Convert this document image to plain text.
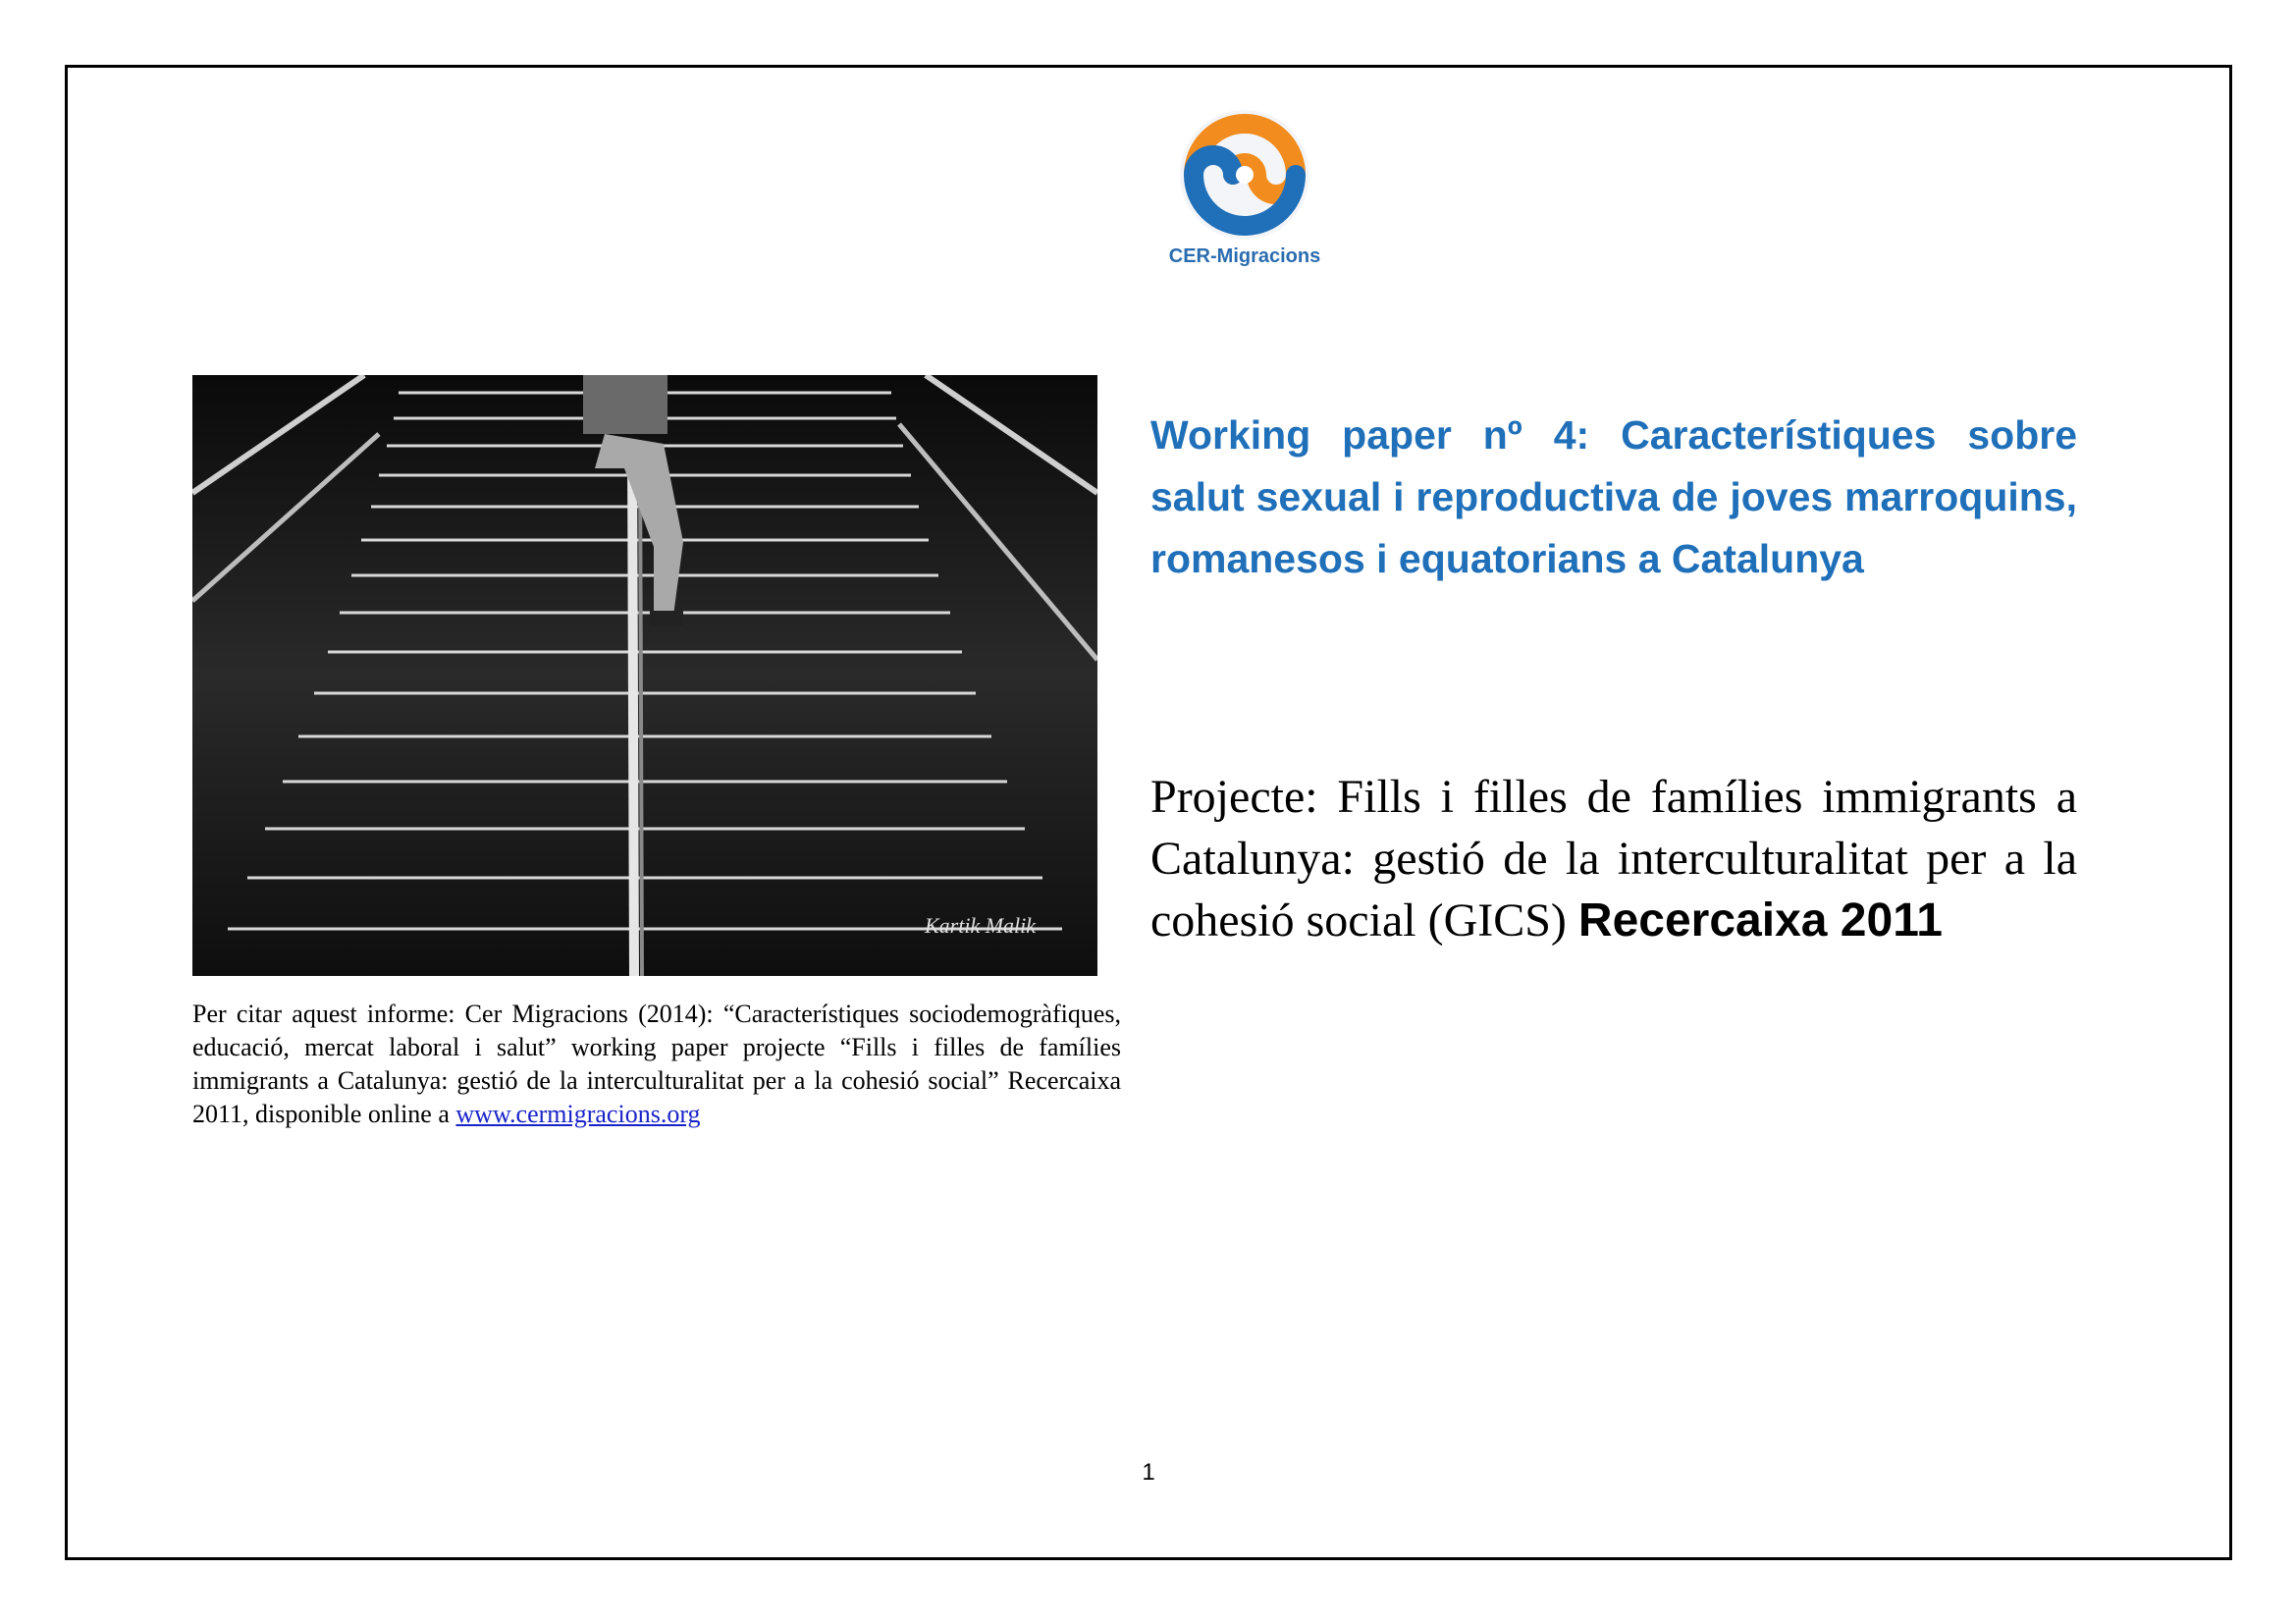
CER-Migracions
Kartik Malik
Per citar aquest informe: Cer Migracions (2014): “Característiques sociodemogràfiques, educació, mercat laboral i salut” working paper projecte “Fills i filles de famílies immigrants a Catalunya: gestió de la interculturalitat per a la cohesió social” Recercaixa 2011, disponible online a www.cermigracions.org
Working paper nº 4: Característiques sobre salut sexual i reproductiva de joves marroquins, romanesos i equatorians a Catalunya
Projecte: Fills i filles de famílies immigrants a Catalunya: gestió de la interculturalitat per a la cohesió social (GICS) Recercaixa 2011
1
